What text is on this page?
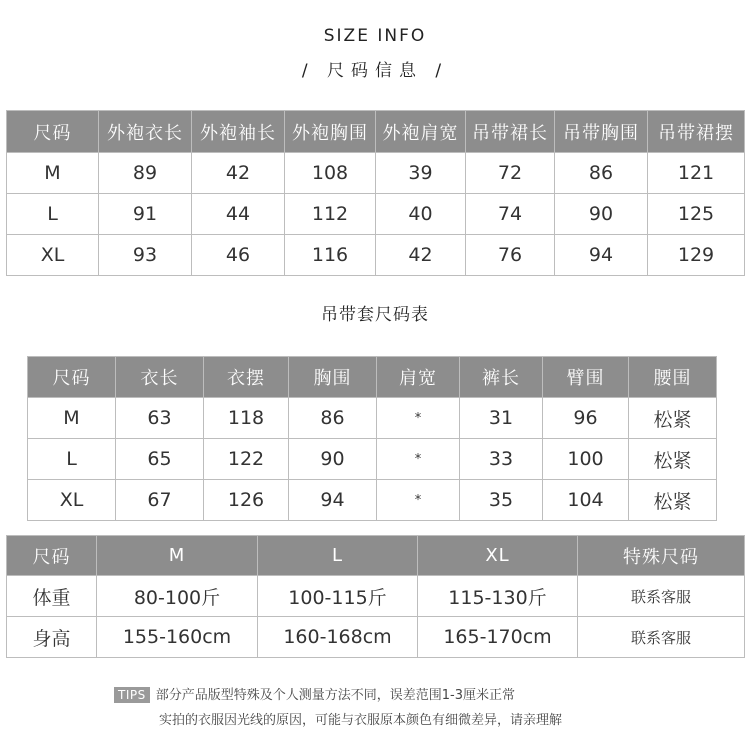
SIZE INFO
/ 尺码信息 /
尺码	外袍衣长	外袍袖长	外袍胸围	外袍肩宽	吊带裙长	吊带胸围	吊带裙摆
M	89	42	108	39	72	86	121
L	91	44	112	40	74	90	125
XL	93	46	116	42	76	94	129
吊带套尺码表
尺码	衣长	衣摆	胸围	肩宽	裤长	臂围	腰围
M	63	118	86	*	31	96	松紧
L	65	122	90	*	33	100	松紧
XL	67	126	94	*	35	104	松紧
尺码	M	L	XL	特殊尺码
体重	80-100斤	100-115斤	115-130斤	联系客服
身高	155-160cm	160-168cm	165-170cm	联系客服
TIPS 部分产品版型特殊及个人测量方法不同，误差范围1-3厘米正常
实拍的衣服因光线的原因，可能与衣服原本颜色有细微差异，请亲理解
